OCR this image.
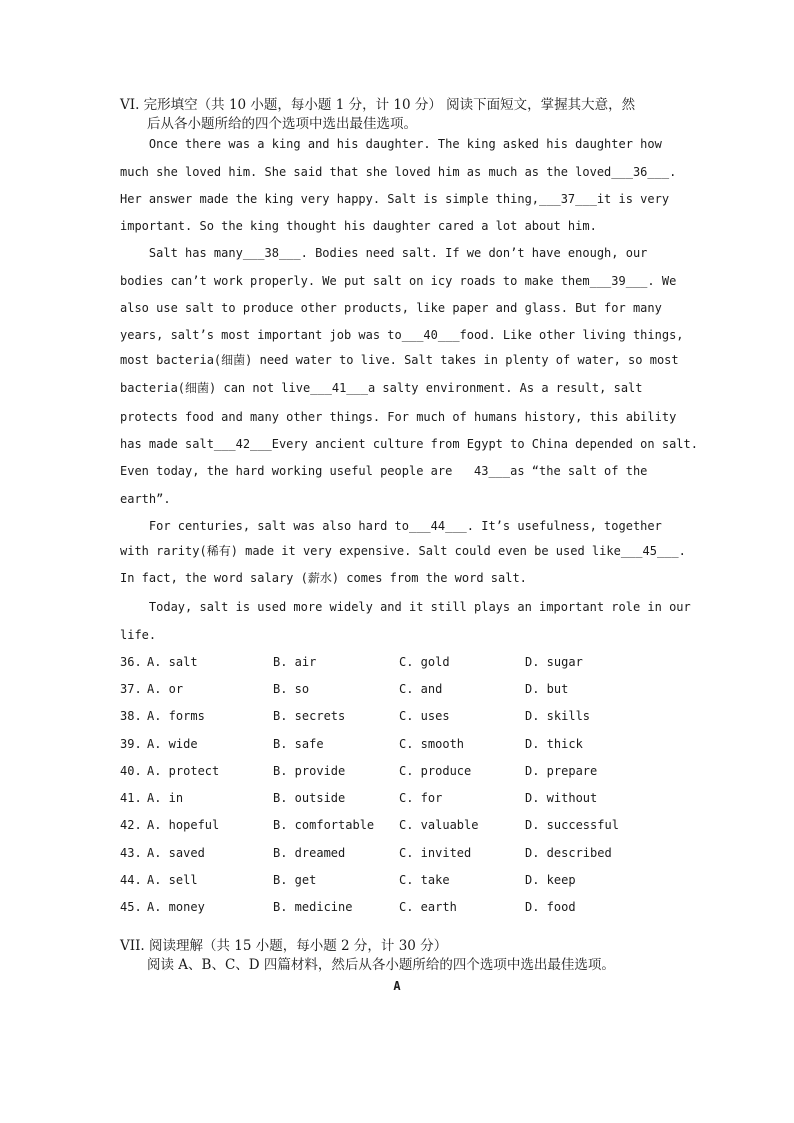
VI. 完形填空（共 10 小题，每小题 1 分，计 10 分） 阅读下面短文，掌握其大意，然
后从各小题所给的四个选项中选出最佳选项。
Once there was a king and his daughter. The king asked his daughter how
much she loved him. She said that she loved him as much as the loved___36___.
Her answer made the king very happy. Salt is simple thing,___37___it is very
important. So the king thought his daughter cared a lot about him.
Salt has many___38___. Bodies need salt. If we don’t have enough, our
bodies can’t work properly. We put salt on icy roads to make them___39___. We
also use salt to produce other products, like paper and glass. But for many
years, salt’s most important job was to___40___food. Like other living things,
most bacteria(细菌) need water to live. Salt takes in plenty of water, so most
bacteria(细菌) can not live___41___a salty environment. As a result, salt
protects food and many other things. For much of humans history, this ability
has made salt___42___Every ancient culture from Egypt to China depended on salt.
Even today, the hard working useful people are   43___as “the salt of the
earth”.
For centuries, salt was also hard to___44___. It’s usefulness, together
with rarity(稀有) made it very expensive. Salt could even be used like___45___.
In fact, the word salary (薪水) comes from the word salt.
Today, salt is used more widely and it still plays an important role in our
life.
36. A. salt	B. air	C. gold	D. sugar
37. A. or	B. so	C. and	D. but
38. A. forms	B. secrets	C. uses	D. skills
39. A. wide	B. safe	C. smooth	D. thick
40. A. protect	B. provide	C. produce	D. prepare
41. A. in	B. outside	C. for	D. without
42. A. hopeful	B. comfortable C. valuable	D. successful
43. A. saved	B. dreamed	C. invited	D. described
44. A. sell	B. get	C. take	D. keep
45. A. money	B. medicine	C. earth	D. food
VII. 阅读理解（共 15 小题，每小题 2 分，计 30 分）
阅读 A、B、C、D 四篇材料，然后从各小题所给的四个选项中选出最佳选项。
A
